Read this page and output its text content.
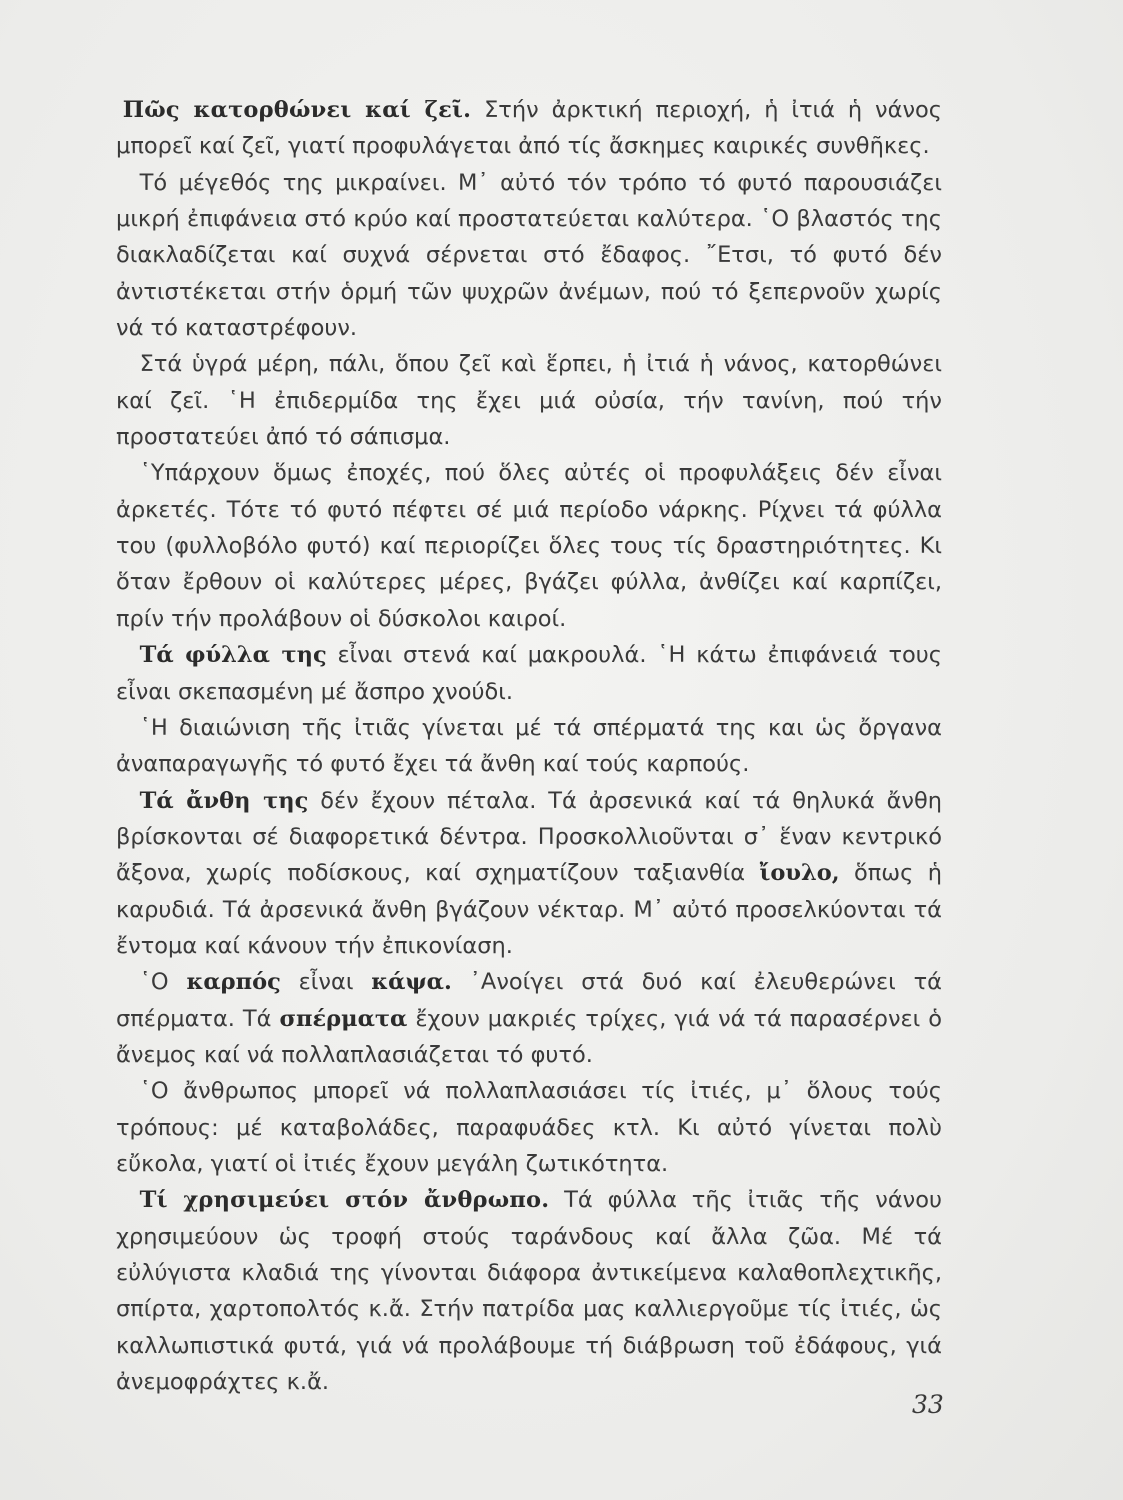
Πῶς κατορθώνει καί ζεῖ. Στήν ἀρκτική περιοχή, ἡ ἰτιά ἡ νάνος μπορεῖ καί ζεῖ, γιατί προφυλάγεται ἀπό τίς ἄσκημες καιρικές συνθῆκες.

Τό μέγεθός της μικραίνει. Μ᾽ αὐτό τόν τρόπο τό φυτό παρουσιάζει μικρή ἐπιφάνεια στό κρύο καί προστατεύεται καλύτερα. ῾Ο βλαστός της διακλαδίζεται καί συχνά σέρνεται στό ἔδαφος. ῎Ετσι, τό φυτό δέν ἀντιστέκεται στήν ὁρμή τῶν ψυχρῶν ἀνέμων, πού τό ξεπερνοῦν χωρίς νά τό καταστρέφουν.

Στά ὑγρά μέρη, πάλι, ὅπου ζεῖ καὶ ἕρπει, ἡ ἰτιά ἡ νάνος, κατορθώνει καί ζεῖ. ῾Η ἐπιδερμίδα της ἔχει μιά οὐσία, τήν τανίνη, πού τήν προστατεύει ἀπό τό σάπισμα.

῾Υπάρχουν ὅμως ἐποχές, πού ὅλες αὐτές οἱ προφυλάξεις δέν εἶναι ἀρκετές. Τότε τό φυτό πέφτει σέ μιά περίοδο νάρκης. Ρίχνει τά φύλλα του (φυλλοβόλο φυτό) καί περιορίζει ὅλες τους τίς δραστηριότητες. Κι ὅταν ἔρθουν οἱ καλύτερες μέρες, βγάζει φύλλα, ἀνθίζει καί καρπίζει, πρίν τήν προλάβουν οἱ δύσκολοι καιροί.

Τά φύλλα της εἶναι στενά καί μακρουλά. ῾Η κάτω ἐπιφάνειά τους εἶναι σκεπασμένη μέ ἄσπρο χνούδι.

῾Η διαιώνιση τῆς ἰτιᾶς γίνεται μέ τά σπέρματά της και ὡς ὄργανα ἀναπαραγωγῆς τό φυτό ἔχει τά ἄνθη καί τούς καρπούς.

Τά ἄνθη της δέν ἔχουν πέταλα. Τά ἀρσενικά καί τά θηλυκά ἄνθη βρίσκονται σέ διαφορετικά δέντρα. Προσκολλιοῦνται σ᾽ ἕναν κεντρικό ἄξονα, χωρίς ποδίσκους, καί σχηματίζουν ταξιανθία ἴουλο, ὅπως ἡ καρυδιά. Τά ἀρσενικά ἄνθη βγάζουν νέκταρ. Μ᾽ αὐτό προσελκύονται τά ἔντομα καί κάνουν τήν ἐπικονίαση.

῾Ο καρπός εἶναι κάψα. ᾽Ανοίγει στά δυό καί ἐλευθερώνει τά σπέρματα. Τά σπέρματα ἔχουν μακριές τρίχες, γιά νά τά παρασέρνει ὁ ἄνεμος καί νά πολλαπλασιάζεται τό φυτό.

῾Ο ἄνθρωπος μπορεῖ νά πολλαπλασιάσει τίς ἰτιές, μ᾽ ὅλους τούς τρόπους: μέ καταβολάδες, παραφυάδες κτλ. Κι αὐτό γίνεται πολὺ εὔκολα, γιατί οἱ ἰτιές ἔχουν μεγάλη ζωτικότητα.

Τί χρησιμεύει στόν ἄνθρωπο. Τά φύλλα τῆς ἰτιᾶς τῆς νάνου χρησιμεύουν ὡς τροφή στούς ταράνδους καί ἄλλα ζῶα. Μέ τά εὐλύγιστα κλαδιά της γίνονται διάφορα ἀντικείμενα καλαθοπλεχτικῆς, σπίρτα, χαρτοπολτός κ.ἄ. Στήν πατρίδα μας καλλιεργοῦμε τίς ἰτιές, ὡς καλλωπιστικά φυτά, γιά νά προλάβουμε τή διάβρωση τοῦ ἐδάφους, γιά ἀνεμοφράχτες κ.ἄ.

33
